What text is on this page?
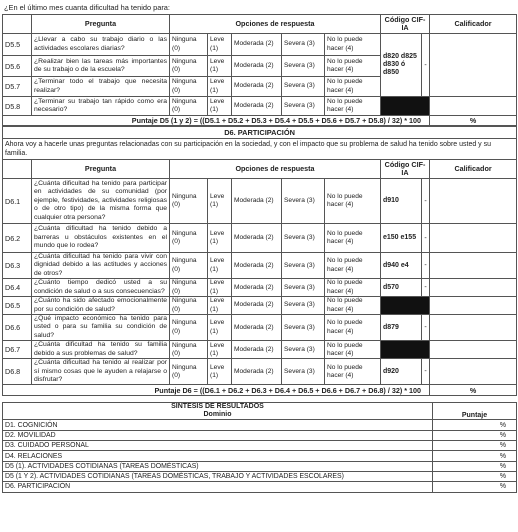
¿En el último mes cuanta dificultad ha tenido para:
	Pregunta	Opciones de respuesta					Código CIF-IA		Calificador
D5.5	¿Llevar a cabo su trabajo diario o las actividades escolares diarias?	Ninguna (0)	Leve (1)	Moderada (2)	Severa (3)	No lo puede hacer (4)	d820 d825 d830 ó d850	-	
D5.6	¿Realizar bien las tareas más importantes de su trabajo o de la escuela?	Ninguna (0)	Leve (1)	Moderada (2)	Severa (3)	No lo puede hacer (4)			
D5.7	¿Terminar todo el trabajo que necesita realizar?	Ninguna (0)	Leve (1)	Moderada (2)	Severa (3)	No lo puede hacer (4)			
D5.8	¿Terminar su trabajo tan rápido como era necesario?	Ninguna (0)	Leve (1)	Moderada (2)	Severa (3)	No lo puede hacer (4)			
Puntaje D5 (1 y 2) = ((D5.1 + D5.2 + D5.3 + D5.4 + D5.5 + D5.6 + D5.7 + D5.8) / 32) * 100									%
D6. PARTICIPACIÓN									
Ahora voy a hacerle unas preguntas relacionadas con su participación en la sociedad, y con el impacto que su problema de salud ha tenido sobre usted y su familia.									
	Pregunta	Opciones de respuesta					Código CIF-IA		Calificador
D6.1	¿Cuánta dificultad ha tenido para participar en actividades de su comunidad (por ejemple, festividades, actividades religiosas o de otro tipo) de la misma forma que cualquier otra persona?	Ninguna (0)	Leve (1)	Moderada (2)	Severa (3)	No lo puede hacer (4)	d910	-	
D6.2	¿Cuánta dificultad ha tenido debido a barreras u obstáculos existentes en el mundo que lo rodea?	Ninguna (0)	Leve (1)	Moderada (2)	Severa (3)	No lo puede hacer (4)	e150 e155	-	
D6.3	¿Cuánta dificultad ha tenido para vivir con dignidad debido a las actitudes y acciones de otros?	Ninguna (0)	Leve (1)	Moderada (2)	Severa (3)	No lo puede hacer (4)	d940 e4	-	
D6.4	¿Cuánto tiempo dedicó usted a su condición de salud o a sus consecuencias?	Ninguna (0)	Leve (1)	Moderada (2)	Severa (3)	No lo puede hacer (4)	d570	-	
D6.5	¿Cuánto ha sido afectado emocionalmente por su condición de salud?	Ninguna (0)	Leve (1)	Moderada (2)	Severa (3)	No lo puede hacer (4)			
D6.6	¿Qué impacto económico ha tenido para usted o para su familia su condición de salud?	Ninguna (0)	Leve (1)	Moderada (2)	Severa (3)	No lo puede hacer (4)	d879	-	
D6.7	¿Cuánta dificultad ha tenido su familia debido a sus problemas de salud?	Ninguna (0)	Leve (1)	Moderada (2)	Severa (3)	No lo puede hacer (4)			
D6.8	¿Cuánta dificultad ha tenido al realizar por sí mismo cosas que le ayuden a relajarse o disfrutar?	Ninguna (0)	Leve (1)	Moderada (2)	Severa (3)	No lo puede hacer (4)	d920	-	
Puntaje D6 = ((D6.1 + D6.2 + D6.3 + D6.4 + D6.5 + D6.6 + D6.7 + D6.8) / 32) * 100									%
SÍNTESIS DE RESULTADOS
Dominio	Puntaje
D1. COGNICIÓN	%
D2. MOVILIDAD	%
D3. CUIDADO PERSONAL	%
D4. RELACIONES	%
D5 (1). ACTIVIDADES COTIDIANAS (TAREAS DOMÉSTICAS)	%
D5 (1 Y 2). ACTIVIDADES COTIDIANAS (TAREAS DOMÉSTICAS, TRABAJO Y ACTIVIDADES ESCOLARES)	%
D6. PARTICIPACIÓN	%
